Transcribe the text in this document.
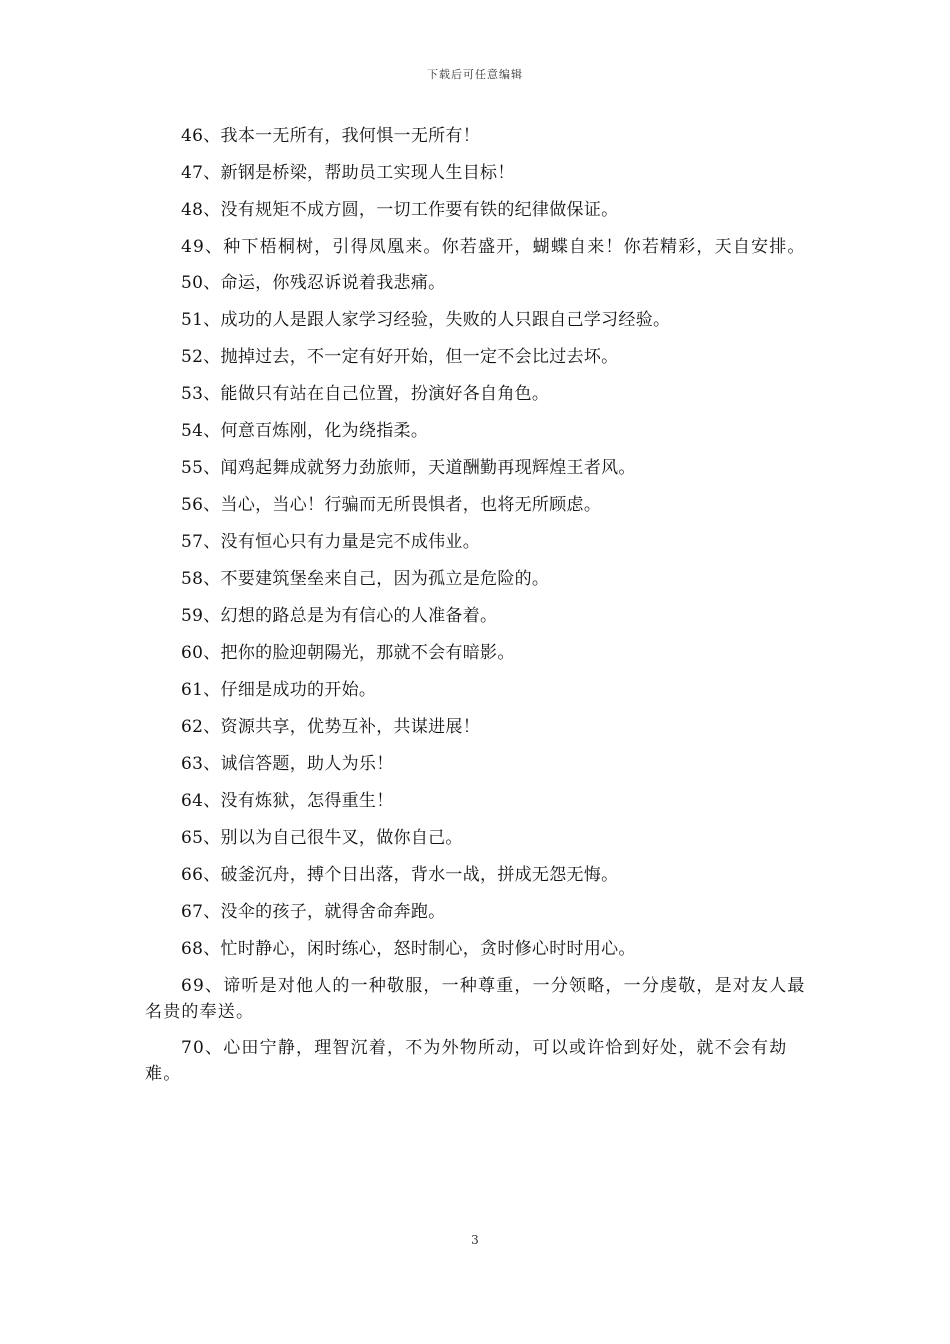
下载后可任意编辑

46、我本一无所有，我何惧一无所有！

47、新钢是桥梁，帮助员工实现人生目标！

48、没有规矩不成方圆，一切工作要有铁的纪律做保证。

49、种下梧桐树，引得凤凰来。你若盛开，蝴蝶自来！你若精彩，天自安排。

50、命运，你残忍诉说着我悲痛。

51、成功的人是跟人家学习经验，失败的人只跟自己学习经验。

52、抛掉过去，不一定有好开始，但一定不会比过去坏。

53、能做只有站在自己位置，扮演好各自角色。

54、何意百炼刚，化为绕指柔。

55、闻鸡起舞成就努力劲旅师，天道酬勤再现辉煌王者风。

56、当心，当心！行骗而无所畏惧者，也将无所顾虑。

57、没有恒心只有力量是完不成伟业。

58、不要建筑堡垒来自己，因为孤立是危险的。

59、幻想的路总是为有信心的人准备着。

60、把你的脸迎朝陽光，那就不会有暗影。

61、仔细是成功的开始。

62、资源共享，优势互补，共谋进展！

63、诚信答题，助人为乐！

64、没有炼狱，怎得重生！

65、别以为自己很牛叉，做你自己。

66、破釜沉舟，搏个日出落，背水一战，拼成无怨无悔。

67、没伞的孩子，就得舍命奔跑。

68、忙时静心，闲时练心，怒时制心，贪时修心时时用心。

69、谛听是对他人的一种敬服，一种尊重，一分领略，一分虔敬，是对友人最名贵的奉送。

70、心田宁静，理智沉着，不为外物所动，可以或许恰到好处，就不会有劫难。

3
